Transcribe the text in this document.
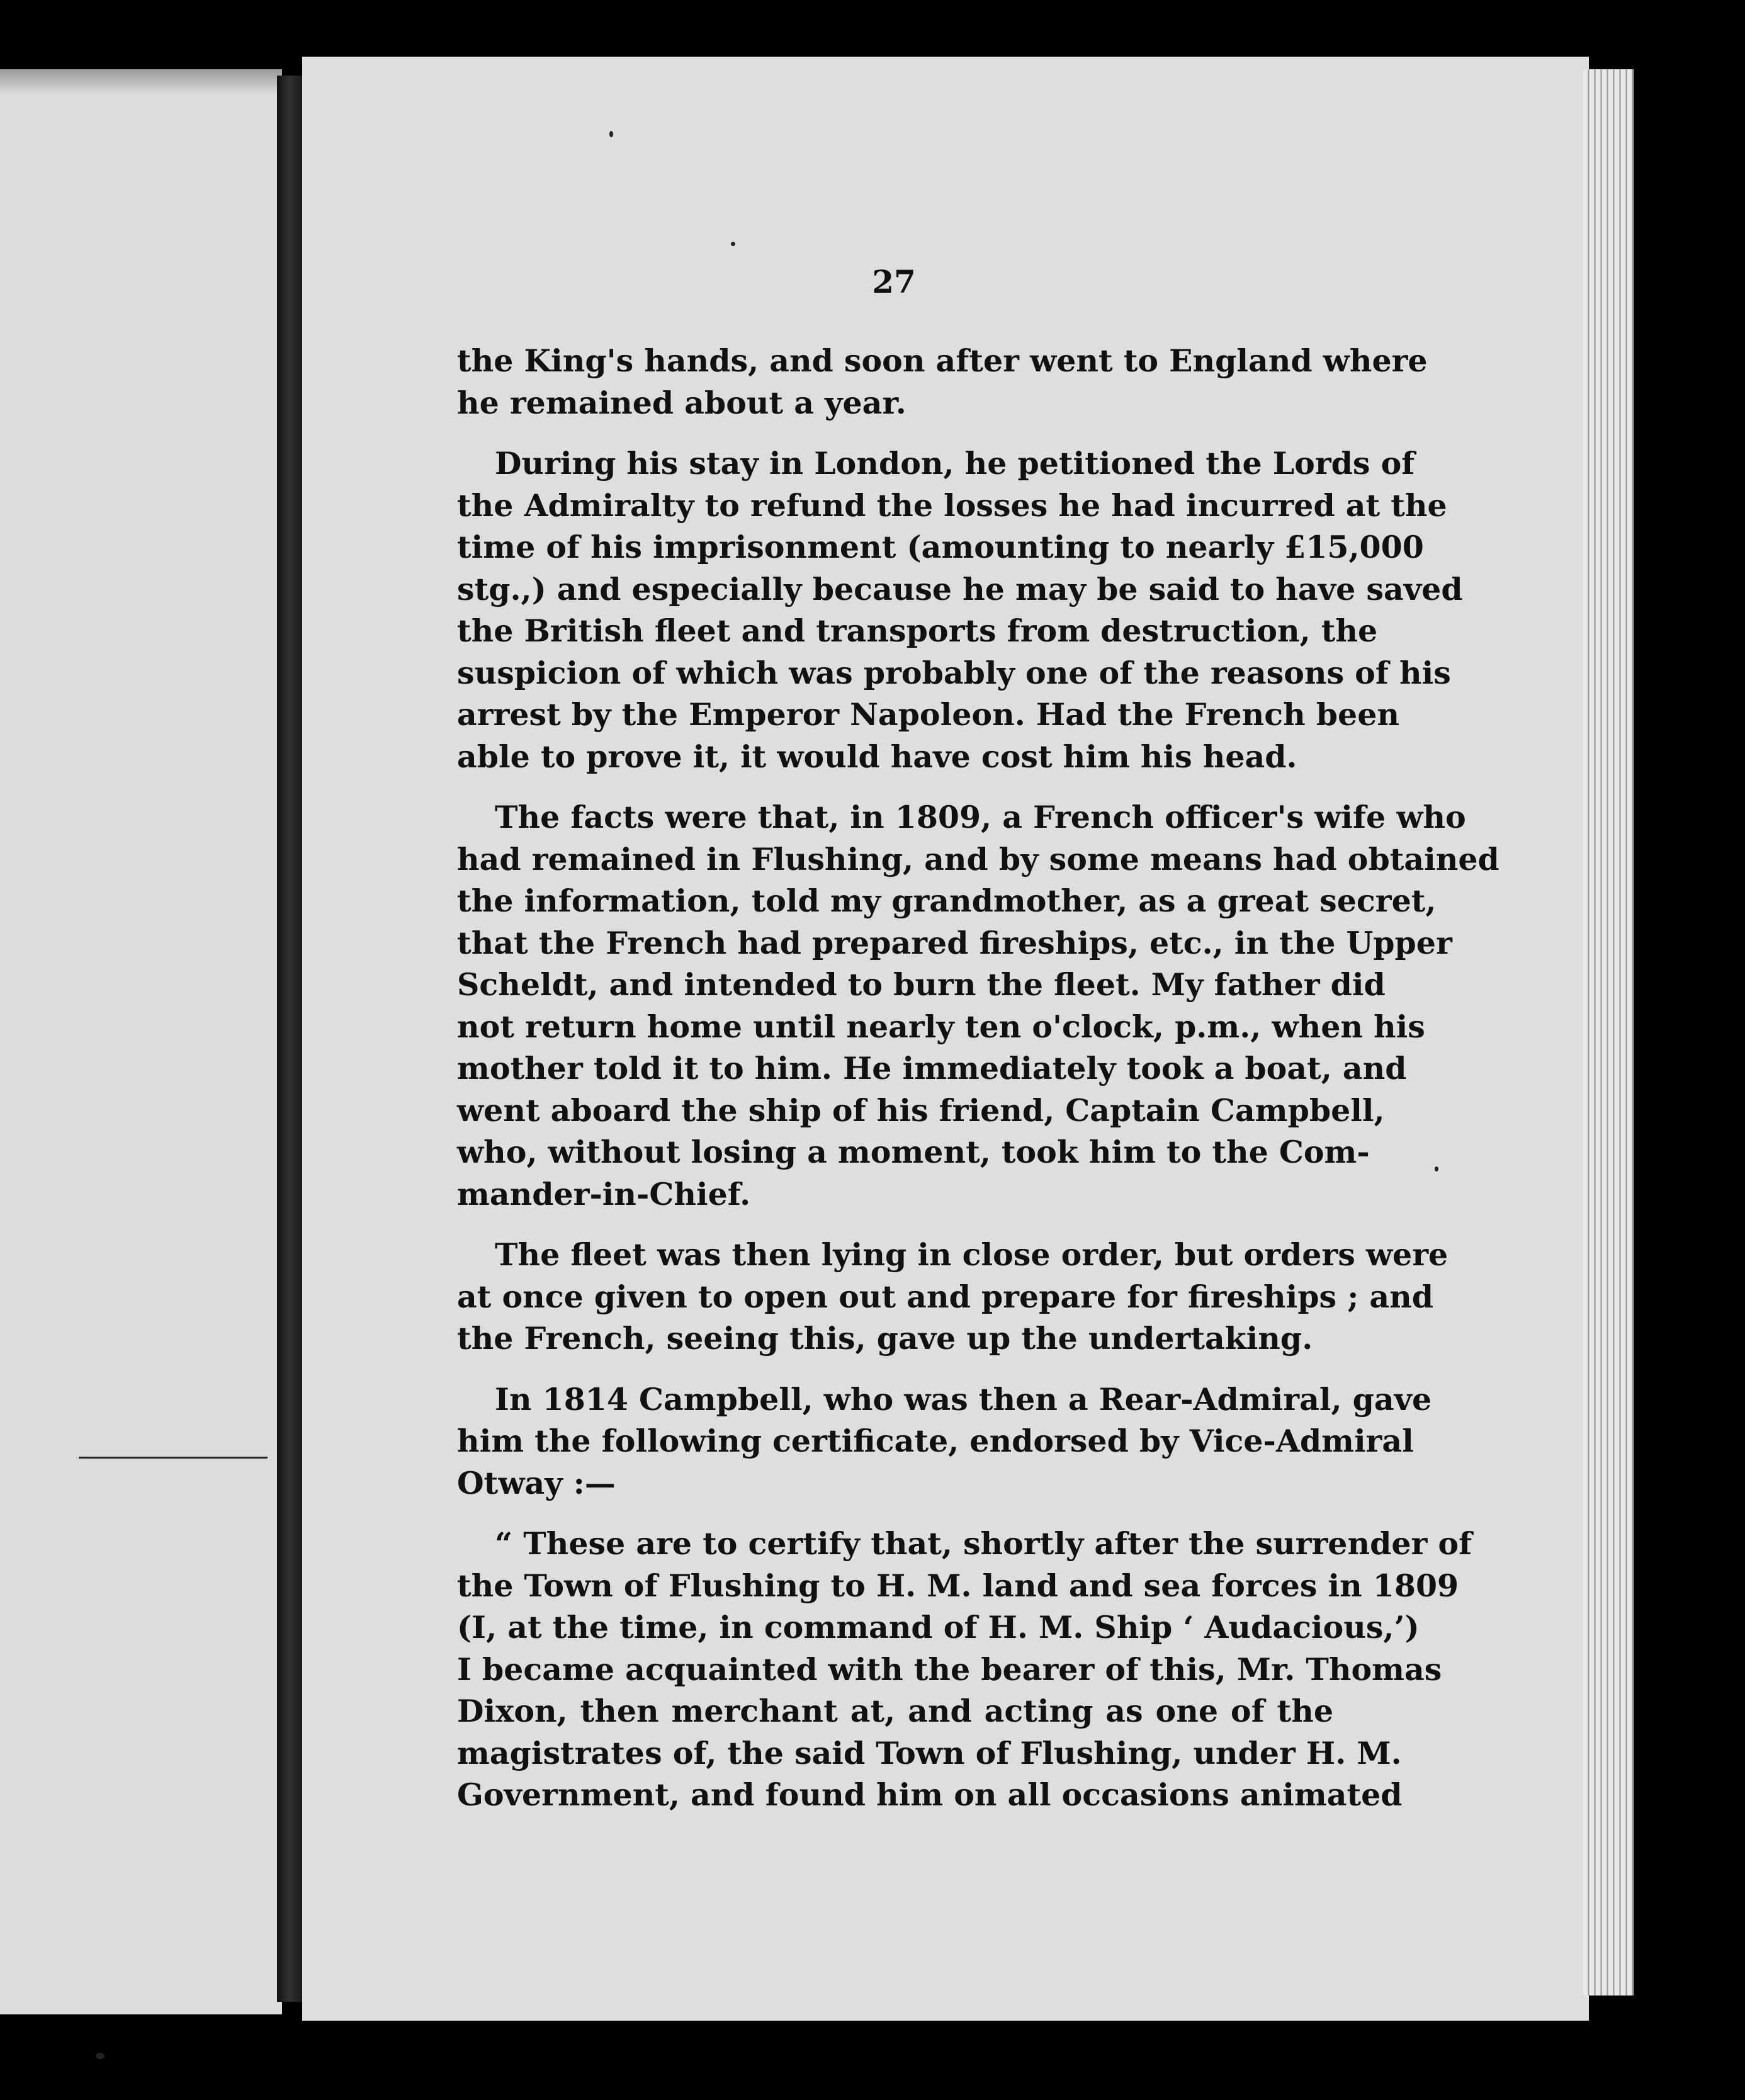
27

the King's hands, and soon after went to England where
he remained about a year.

During his stay in London, he petitioned the Lords of
the Admiralty to refund the losses he had incurred at the
time of his imprisonment (amounting to nearly £15,000
stg.,) and especially because he may be said to have saved
the British fleet and transports from destruction, the
suspicion of which was probably one of the reasons of his
arrest by the Emperor Napoleon. Had the French been
able to prove it, it would have cost him his head.

The facts were that, in 1809, a French officer's wife who
had remained in Flushing, and by some means had obtained
the information, told my grandmother, as a great secret,
that the French had prepared fireships, etc., in the Upper
Scheldt, and intended to burn the fleet. My father did
not return home until nearly ten o'clock, p.m., when his
mother told it to him. He immediately took a boat, and
went aboard the ship of his friend, Captain Campbell,
who, without losing a moment, took him to the Com-
mander-in-Chief.

The fleet was then lying in close order, but orders were
at once given to open out and prepare for fireships ; and
the French, seeing this, gave up the undertaking.

In 1814 Campbell, who was then a Rear-Admiral, gave
him the following certificate, endorsed by Vice-Admiral
Otway :—

“ These are to certify that, shortly after the surrender of
the Town of Flushing to H. M. land and sea forces in 1809
(I, at the time, in command of H. M. Ship ‘ Audacious,’)
I became acquainted with the bearer of this, Mr. Thomas
Dixon, then merchant at, and acting as one of the
magistrates of, the said Town of Flushing, under H. M.
Government, and found him on all occasions animated
